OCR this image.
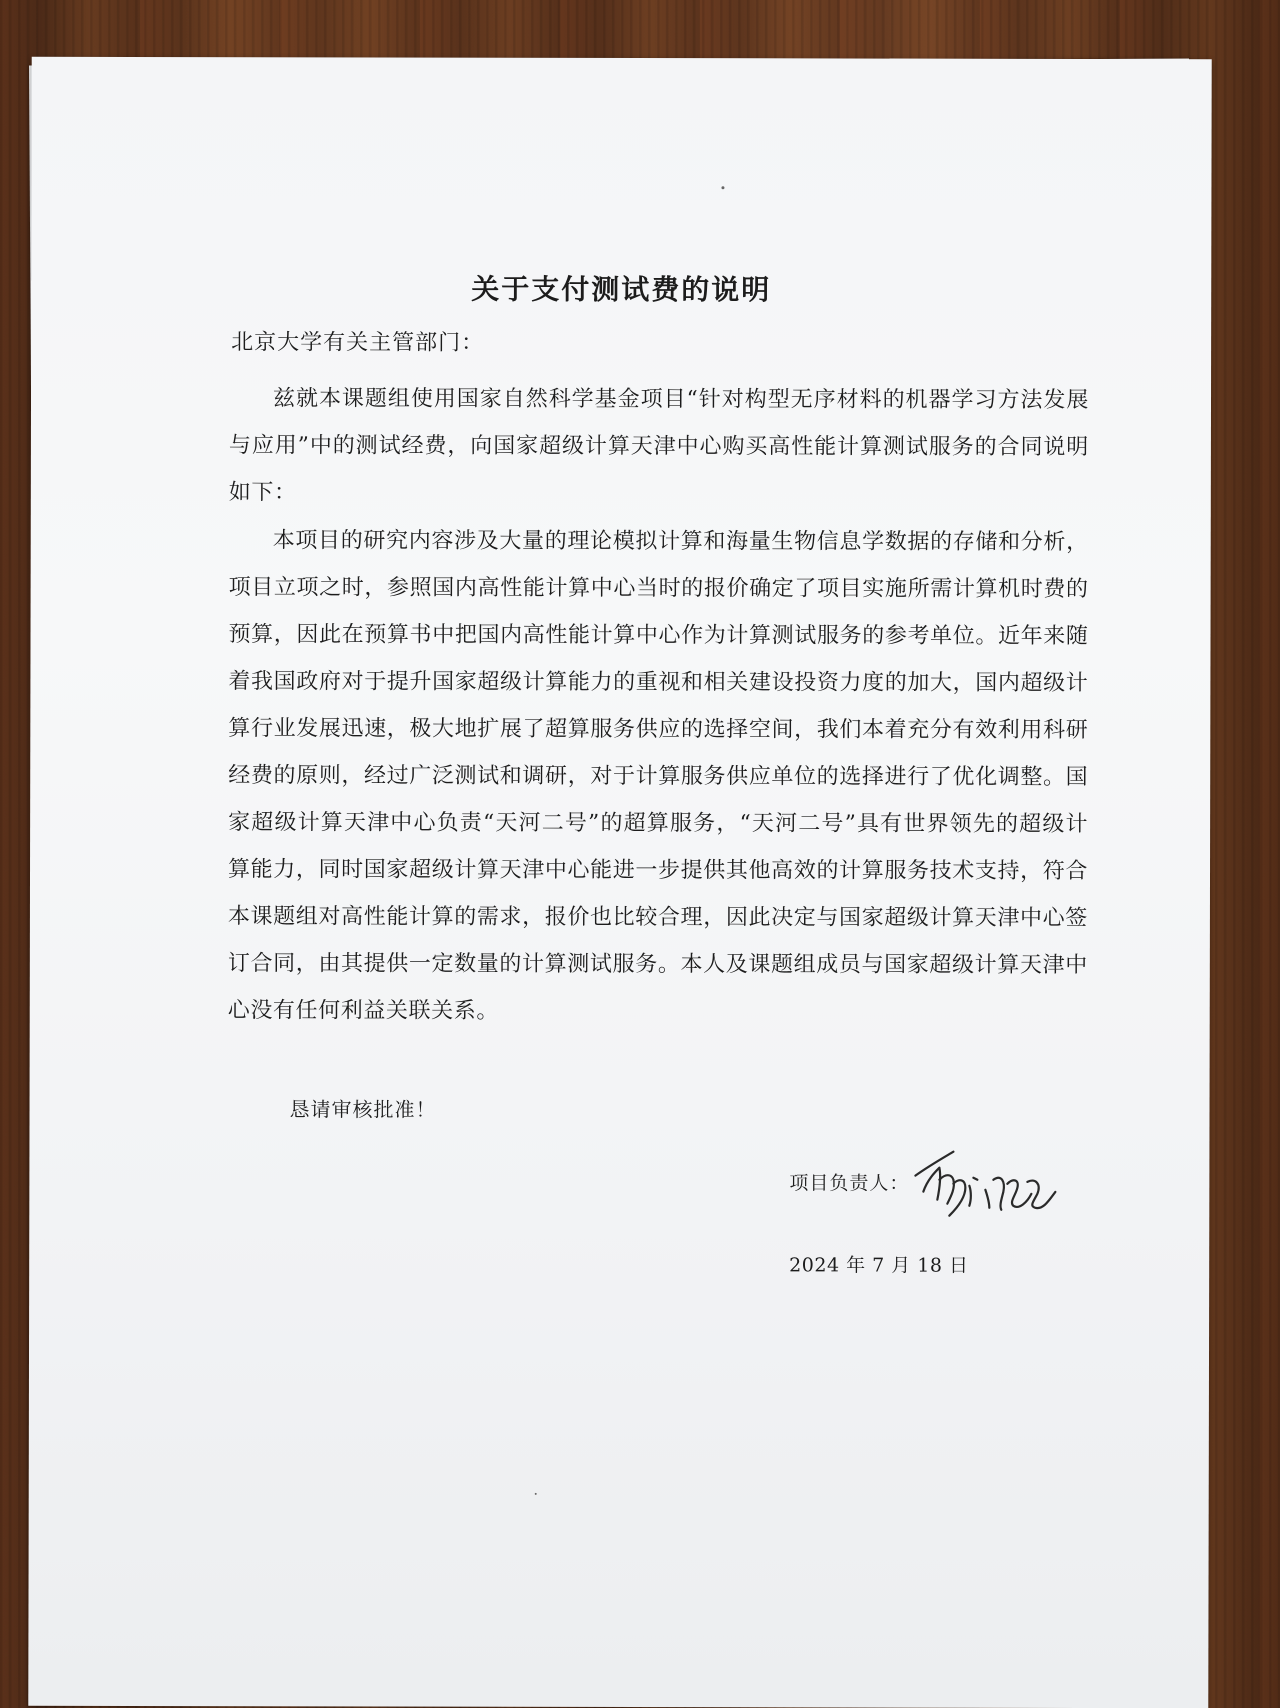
关于支付测试费的说明
北京大学有关主管部门：
兹就本课题组使用国家自然科学基金项目“针对构型无序材料的机器学习方法发展与应用”中的测试经费，向国家超级计算天津中心购买高性能计算测试服务的合同说明如下：
本项目的研究内容涉及大量的理论模拟计算和海量生物信息学数据的存储和分析，项目立项之时，参照国内高性能计算中心当时的报价确定了项目实施所需计算机时费的预算，因此在预算书中把国内高性能计算中心作为计算测试服务的参考单位。近年来随着我国政府对于提升国家超级计算能力的重视和相关建设投资力度的加大，国内超级计算行业发展迅速，极大地扩展了超算服务供应的选择空间，我们本着充分有效利用科研经费的原则，经过广泛测试和调研，对于计算服务供应单位的选择进行了优化调整。国家超级计算天津中心负责“天河二号”的超算服务，“天河二号”具有世界领先的超级计算能力，同时国家超级计算天津中心能进一步提供其他高效的计算服务技术支持，符合本课题组对高性能计算的需求，报价也比较合理，因此决定与国家超级计算天津中心签订合同，由其提供一定数量的计算测试服务。本人及课题组成员与国家超级计算天津中心没有任何利益关联关系。
恳请审核批准！
项目负责人：
2024 年 7 月 18 日
